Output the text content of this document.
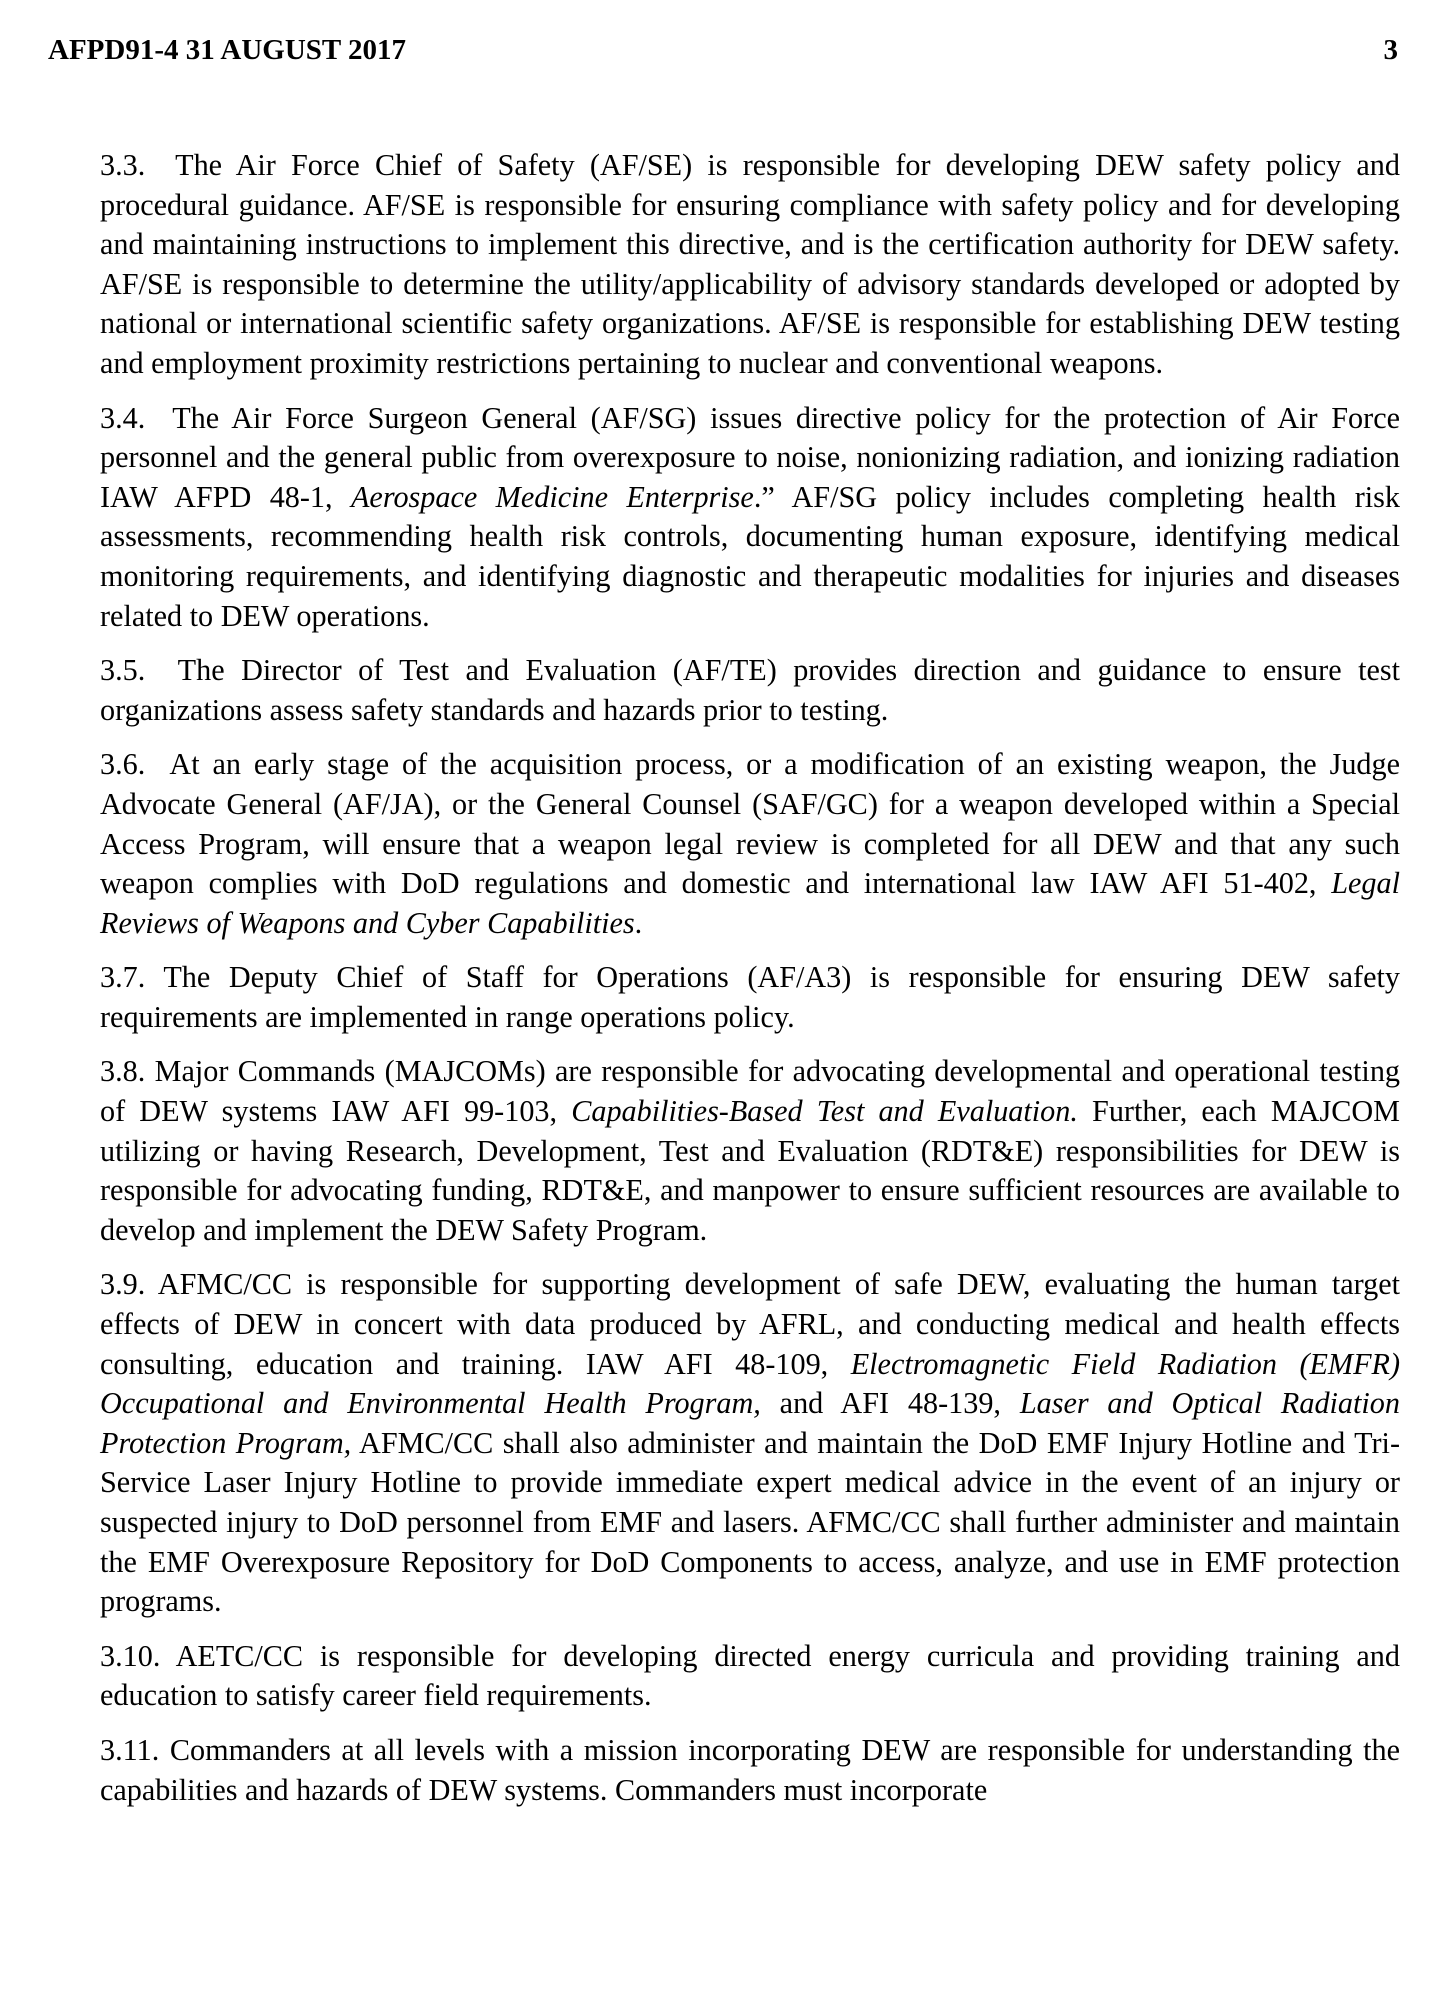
AFPD91-4 31 AUGUST 2017	3

3.3. The Air Force Chief of Safety (AF/SE) is responsible for developing DEW safety policy and procedural guidance. AF/SE is responsible for ensuring compliance with safety policy and for developing and maintaining instructions to implement this directive, and is the certification authority for DEW safety. AF/SE is responsible to determine the utility/applicability of advisory standards developed or adopted by national or international scientific safety organizations. AF/SE is responsible for establishing DEW testing and employment proximity restrictions pertaining to nuclear and conventional weapons.

3.4. The Air Force Surgeon General (AF/SG) issues directive policy for the protection of Air Force personnel and the general public from overexposure to noise, nonionizing radiation, and ionizing radiation IAW AFPD 48-1, Aerospace Medicine Enterprise.” AF/SG policy includes completing health risk assessments, recommending health risk controls, documenting human exposure, identifying medical monitoring requirements, and identifying diagnostic and therapeutic modalities for injuries and diseases related to DEW operations.

3.5. The Director of Test and Evaluation (AF/TE) provides direction and guidance to ensure test organizations assess safety standards and hazards prior to testing.

3.6. At an early stage of the acquisition process, or a modification of an existing weapon, the Judge Advocate General (AF/JA), or the General Counsel (SAF/GC) for a weapon developed within a Special Access Program, will ensure that a weapon legal review is completed for all DEW and that any such weapon complies with DoD regulations and domestic and international law IAW AFI 51-402, Legal Reviews of Weapons and Cyber Capabilities.

3.7. The Deputy Chief of Staff for Operations (AF/A3) is responsible for ensuring DEW safety requirements are implemented in range operations policy.

3.8. Major Commands (MAJCOMs) are responsible for advocating developmental and operational testing of DEW systems IAW AFI 99-103, Capabilities-Based Test and Evaluation. Further, each MAJCOM utilizing or having Research, Development, Test and Evaluation (RDT&E) responsibilities for DEW is responsible for advocating funding, RDT&E, and manpower to ensure sufficient resources are available to develop and implement the DEW Safety Program.

3.9. AFMC/CC is responsible for supporting development of safe DEW, evaluating the human target effects of DEW in concert with data produced by AFRL, and conducting medical and health effects consulting, education and training. IAW AFI 48-109, Electromagnetic Field Radiation (EMFR) Occupational and Environmental Health Program, and AFI 48-139, Laser and Optical Radiation Protection Program, AFMC/CC shall also administer and maintain the DoD EMF Injury Hotline and Tri-Service Laser Injury Hotline to provide immediate expert medical advice in the event of an injury or suspected injury to DoD personnel from EMF and lasers. AFMC/CC shall further administer and maintain the EMF Overexposure Repository for DoD Components to access, analyze, and use in EMF protection programs.

3.10. AETC/CC is responsible for developing directed energy curricula and providing training and education to satisfy career field requirements.

3.11. Commanders at all levels with a mission incorporating DEW are responsible for understanding the capabilities and hazards of DEW systems. Commanders must incorporate
